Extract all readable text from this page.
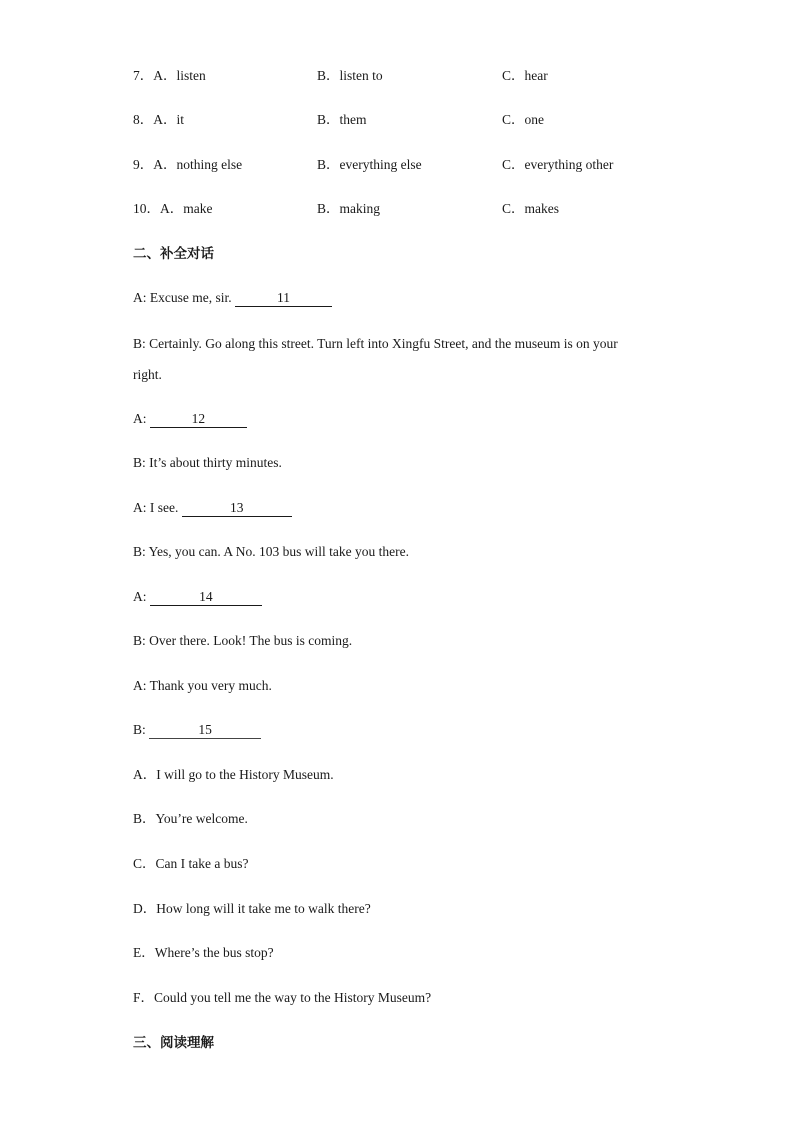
7．A．listen	B．listen to	C．hear
8．A．it	B．them	C．one
9．A．nothing else	B．everything else	C．everything other
10．A．make	B．making	C．makes
二、补全对话
A: Excuse me, sir.	11
B: Certainly. Go along this street. Turn left into Xingfu Street, and the museum is on your right.
A:	12
B: It’s about thirty minutes.
A: I see.	13
B: Yes, you can. A No. 103 bus will take you there.
A:	14
B: Over there. Look! The bus is coming.
A: Thank you very much.
B:	15
A．I will go to the History Museum.
B．You’re welcome.
C．Can I take a bus?
D．How long will it take me to walk there?
E．Where’s the bus stop?
F．Could you tell me the way to the History Museum?
三、阅读理解
